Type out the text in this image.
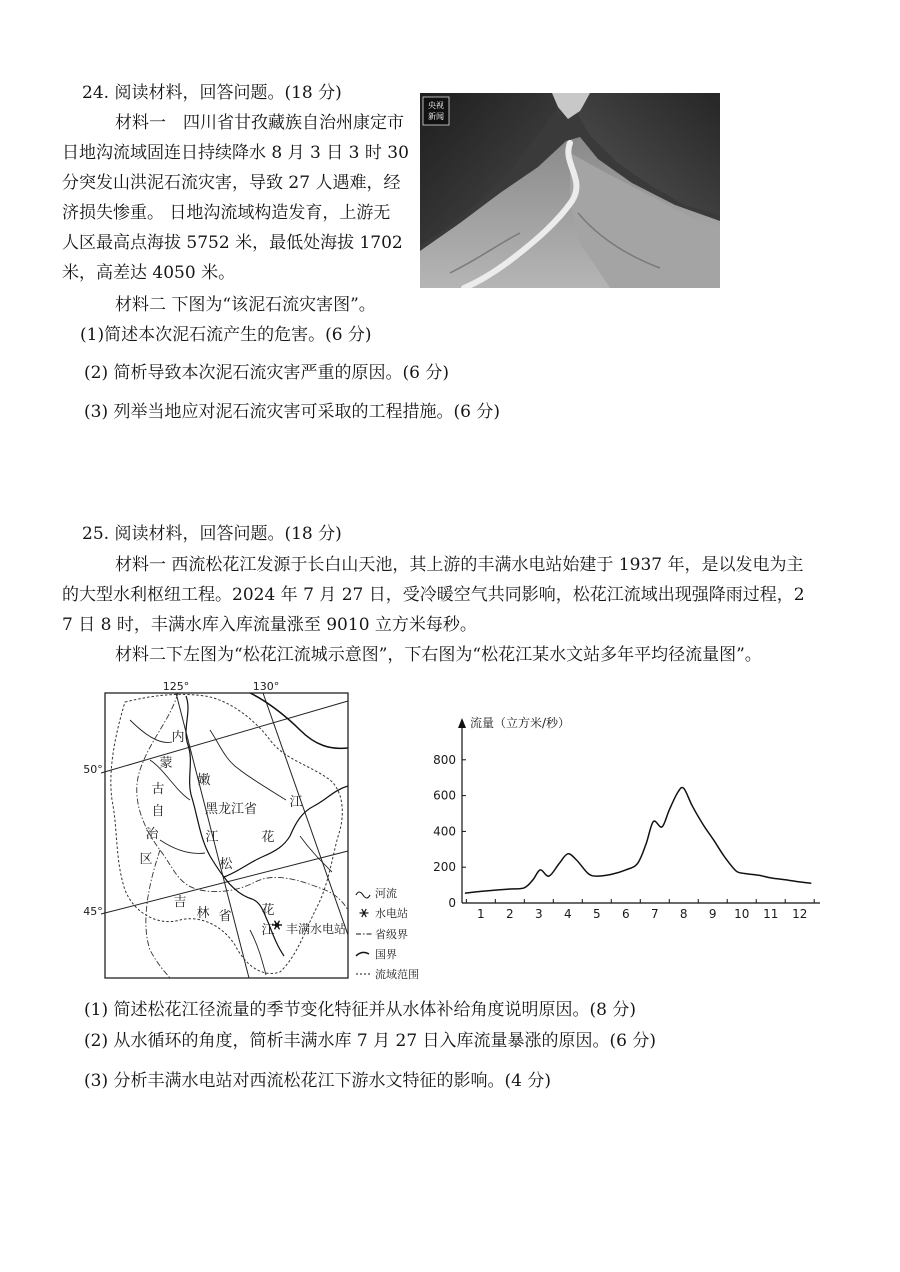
24. 阅读材料，回答问题。(18 分)
材料一　四川省甘孜藏族自治州康定市
日地沟流域固连日持续降水 8 月 3 日 3 时 30
分突发山洪泥石流灾害，导致 27 人遇难，经
济损失惨重。 日地沟流域构造发育，上游无
人区最高点海拔 5752 米，最低处海拔 1702
米，高差达 4050 米。
材料二 下图为“该泥石流灾害图”。
(1)简述本次泥石流产生的危害。(6 分)
(2) 简析导致本次泥石流灾害严重的原因。(6 分)
(3) 列举当地应对泥石流灾害可采取的工程措施。(6 分)
央视
新闻
25. 阅读材料，回答问题。(18 分)
材料一 西流松花江发源于长白山天池，其上游的丰满水电站始建于 1937 年，是以发电为主
的大型水利枢纽工程。2024 年 7 月 27 日，受冷暖空气共同影响，松花江流域出现强降雨过程，2
7 日 8 时，丰满水库入库流量涨至 9010 立方米每秒。
材料二下左图为“松花江流城示意图”，下右图为“松花江某水文站多年平均径流量图”。
125°	130°
50°
45°
内
蒙
古
自
治
区
嫩
黑龙江省 江
江	花
松
吉
林 省 花
江 丰满水电站
河流
水电站
省级界
国界
流域范围
流量（立方米/秒）
0
200
400
600
800
1 2 3 4 5 6 7 8 9 10 11 12
(1) 简述松花江径流量的季节变化特征并从水体补给角度说明原因。(8 分)
(2) 从水循环的角度，简析丰满水库 7 月 27 日入库流量暴涨的原因。(6 分)
(3) 分析丰满水电站对西流松花江下游水文特征的影响。(4 分)
